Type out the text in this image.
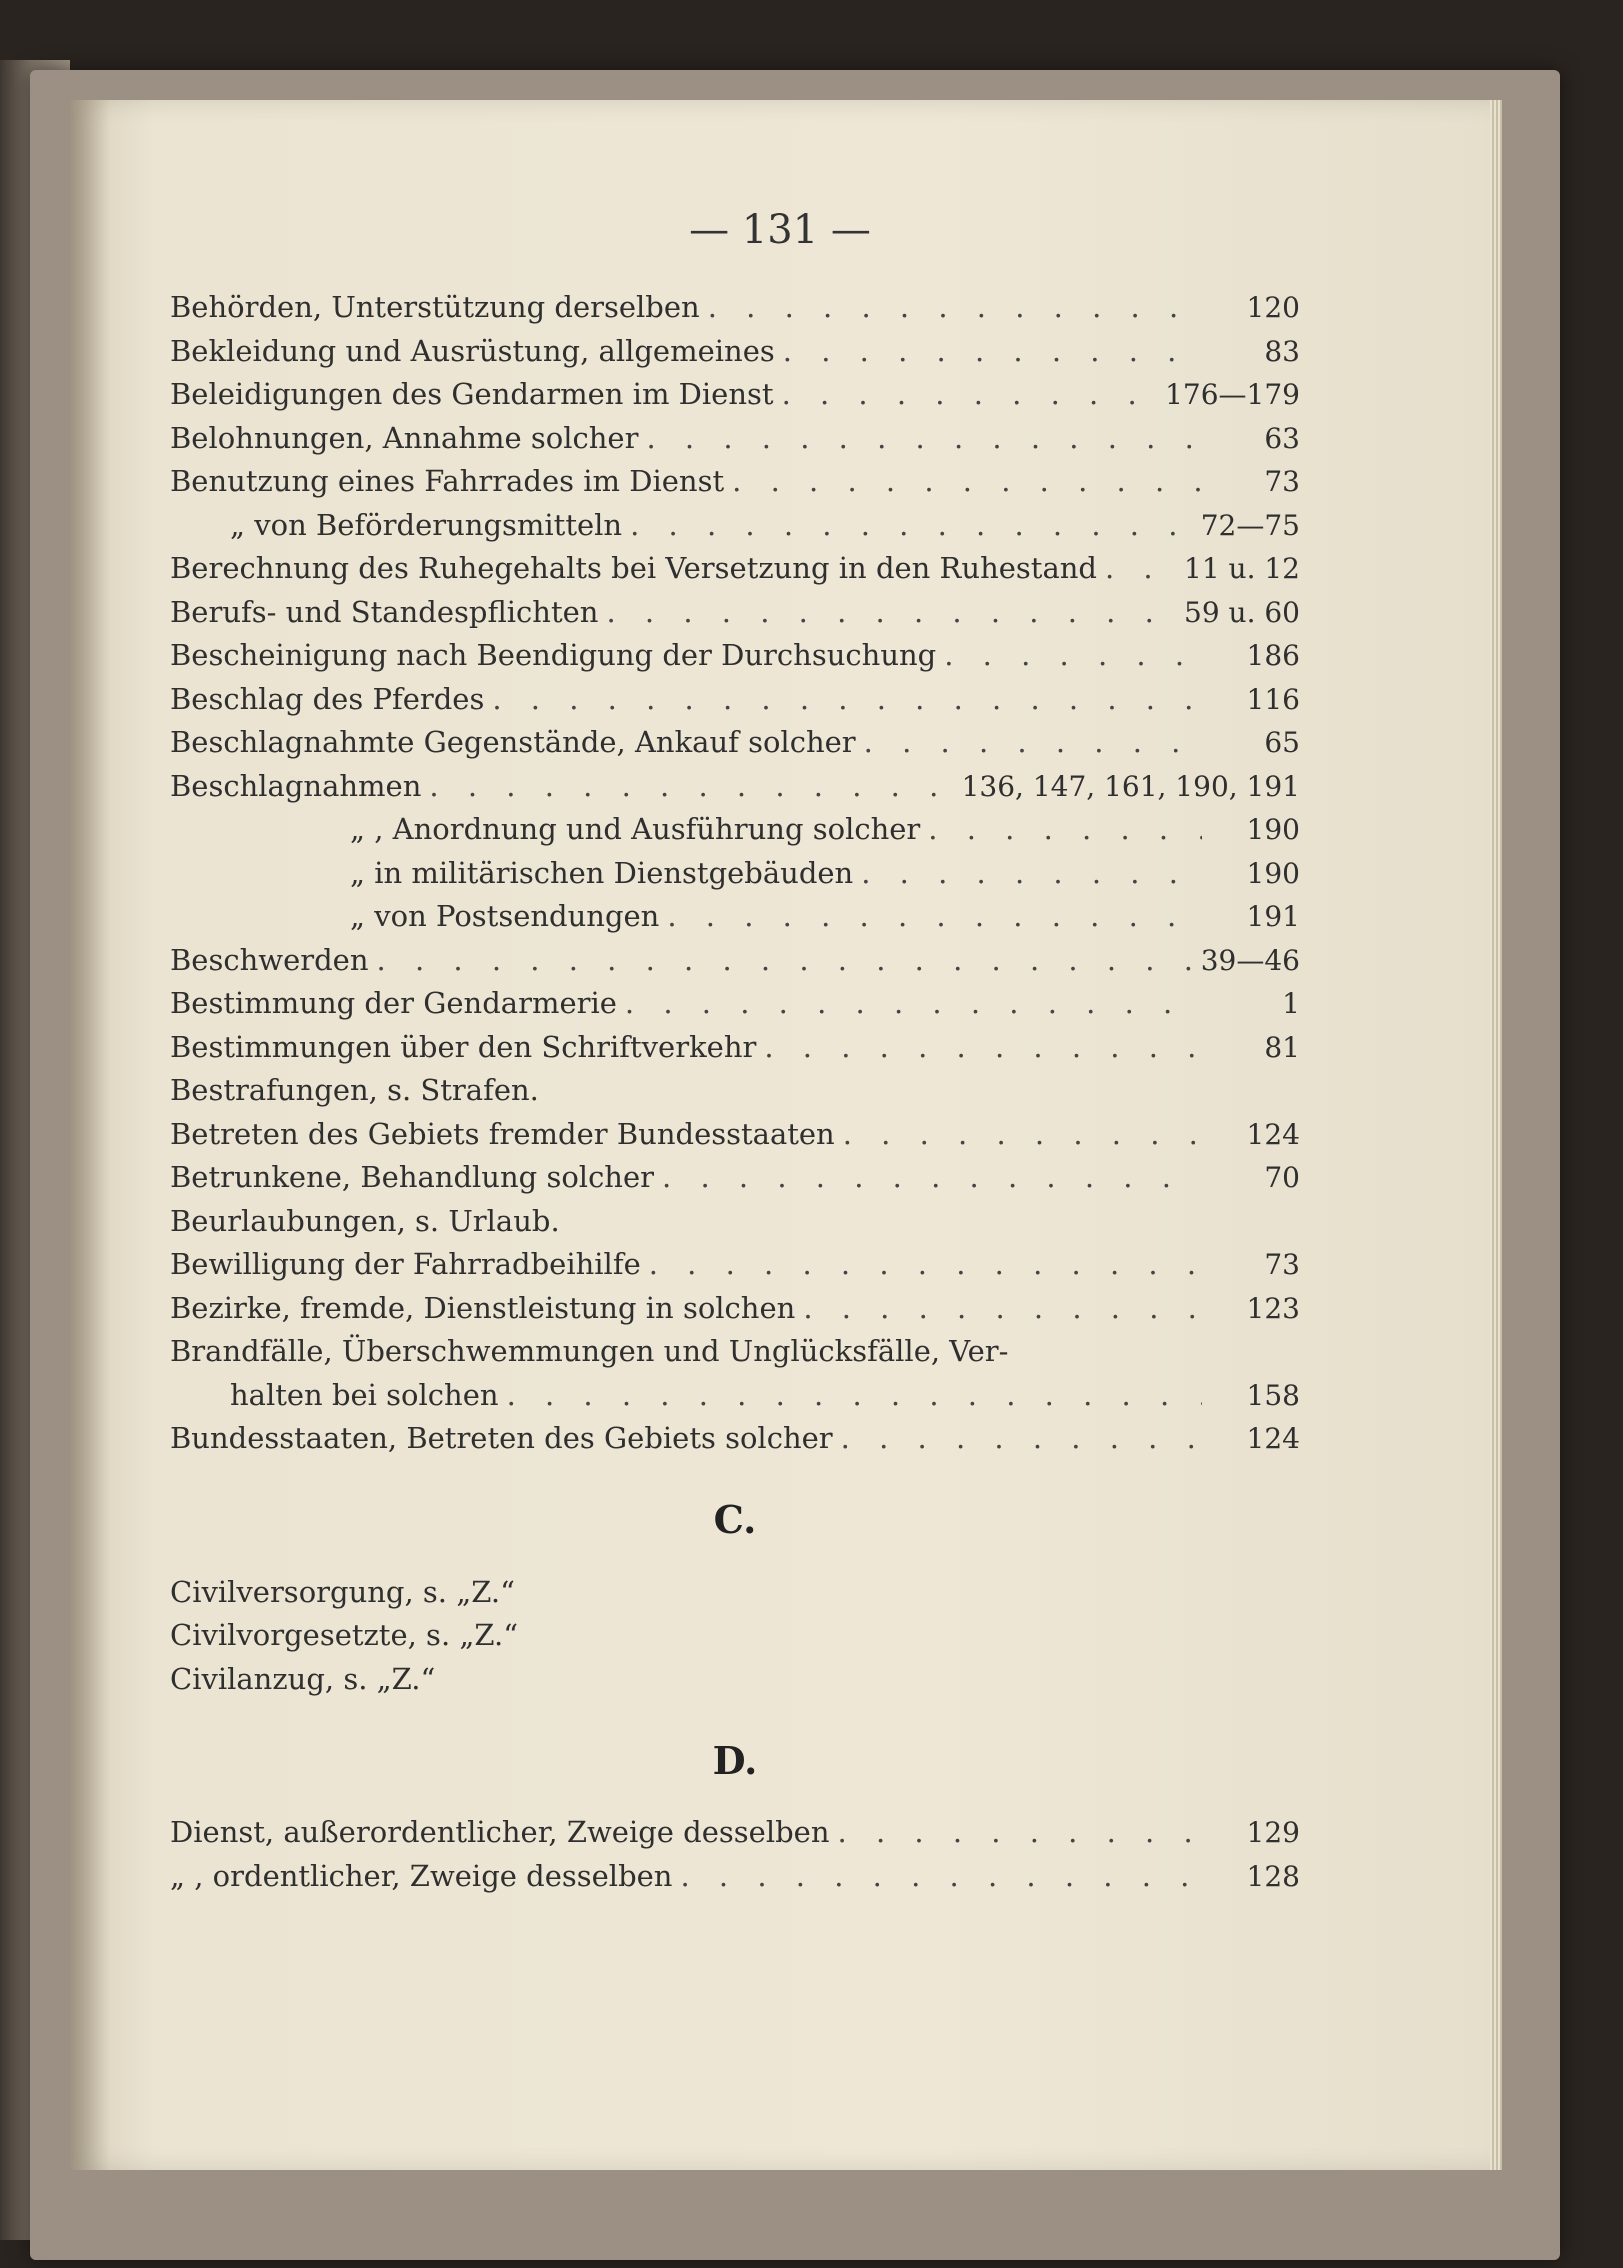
— 131 —
Behörden, Unterstützung derselben . . .	120
Bekleidung und Ausrüstung, allgemeines . . .	83
Beleidigungen des Gendarmen im Dienst . . .	176—179
Belohnungen, Annahme solcher . . .	63
Benutzung eines Fahrrades im Dienst . . .	73
„ von Beförderungsmitteln . . .	72—75
Berechnung des Ruhegehalts bei Versetzung in den Ruhestand . . .	11 u. 12
Berufs- und Standespflichten . . .	59 u. 60
Bescheinigung nach Beendigung der Durchsuchung . . .	186
Beschlag des Pferdes . . .	116
Beschlagnahmte Gegenstände, Ankauf solcher . . .	65
Beschlagnahmen . . .	136, 147, 161, 190, 191
„ , Anordnung und Ausführung solcher . . .	190
„ in militärischen Dienstgebäuden . . .	190
„ von Postsendungen . . .	191
Beschwerden . . .	39—46
Bestimmung der Gendarmerie . . .	1
Bestimmungen über den Schriftverkehr . . .	81
Bestrafungen, s. Strafen.
Betreten des Gebiets fremder Bundesstaaten . . .	124
Betrunkene, Behandlung solcher . . .	70
Beurlaubungen, s. Urlaub.
Bewilligung der Fahrradbeihilfe . . .	73
Bezirke, fremde, Dienstleistung in solchen . . .	123
Brandfälle, Überschwemmungen und Unglücksfälle, Ver-
halten bei solchen . . .	158
Bundesstaaten, Betreten des Gebiets solcher . . .	124
C.
Civilversorgung, s. „Z.“
Civilvorgesetzte, s. „Z.“
Civilanzug, s. „Z.“
D.
Dienst, außerordentlicher, Zweige desselben . . .	129
„ , ordentlicher, Zweige desselben . . .	128
